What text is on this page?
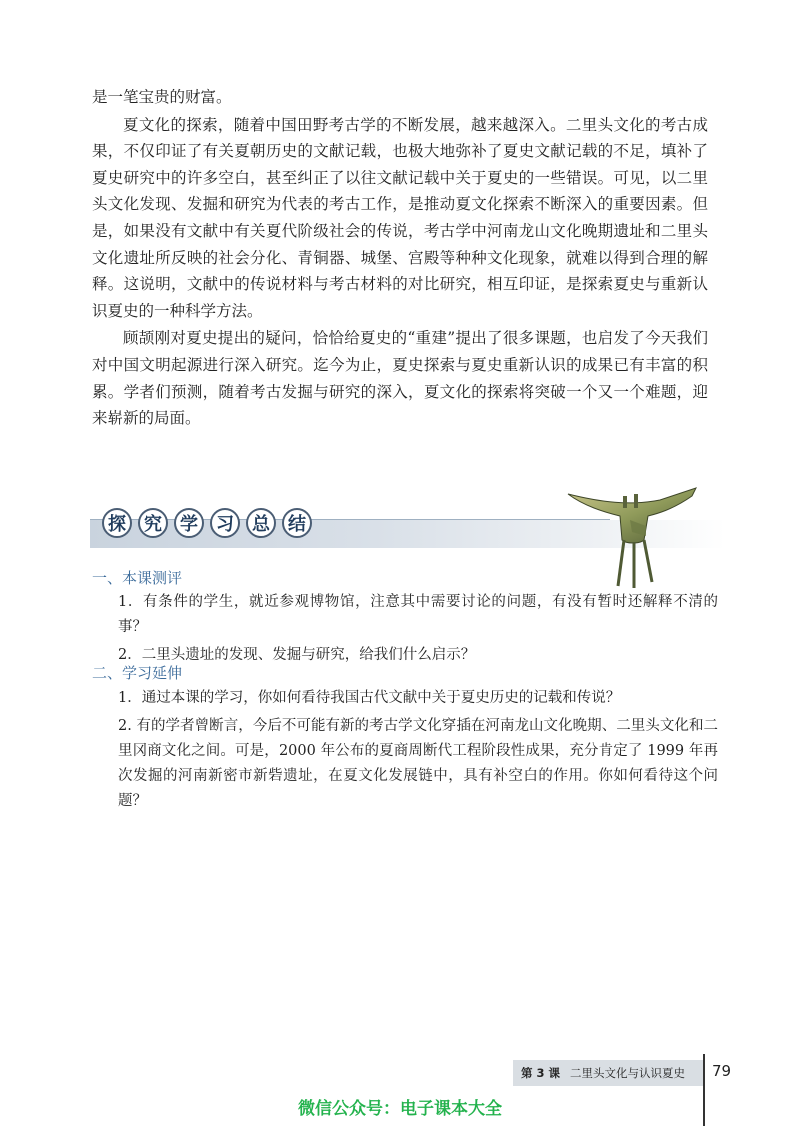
是一笔宝贵的财富。

夏文化的探索，随着中国田野考古学的不断发展，越来越深入。二里头文化的考古成果，不仅印证了有关夏朝历史的文献记载，也极大地弥补了夏史文献记载的不足，填补了夏史研究中的许多空白，甚至纠正了以往文献记载中关于夏史的一些错误。可见，以二里头文化发现、发掘和研究为代表的考古工作，是推动夏文化探索不断深入的重要因素。但是，如果没有文献中有关夏代阶级社会的传说，考古学中河南龙山文化晚期遗址和二里头文化遗址所反映的社会分化、青铜器、城堡、宫殿等种种文化现象，就难以得到合理的解释。这说明，文献中的传说材料与考古材料的对比研究，相互印证，是探索夏史与重新认识夏史的一种科学方法。

顾颉刚对夏史提出的疑问，恰恰给夏史的“重建”提出了很多课题，也启发了今天我们对中国文明起源进行深入研究。迄今为止，夏史探索与夏史重新认识的成果已有丰富的积累。学者们预测，随着考古发掘与研究的深入，夏文化的探索将突破一个又一个难题，迎来崭新的局面。

探	究	学	习	总	结
一、本课测评

1．有条件的学生，就近参观博物馆，注意其中需要讨论的问题，有没有暂时还解释不清的事？

2．二里头遗址的发现、发掘与研究，给我们什么启示？

二、学习延伸

1．通过本课的学习，你如何看待我国古代文献中关于夏史历史的记载和传说？

2. 有的学者曾断言，今后不可能有新的考古学文化穿插在河南龙山文化晚期、二里头文化和二里冈商文化之间。可是，2000 年公布的夏商周断代工程阶段性成果，充分肯定了 1999 年再次发掘的河南新密市新砦遗址，在夏文化发展链中，具有补空白的作用。你如何看待这个问题？

第 3 课 二里头文化与认识夏史 79
微信公众号：电子课本大全
